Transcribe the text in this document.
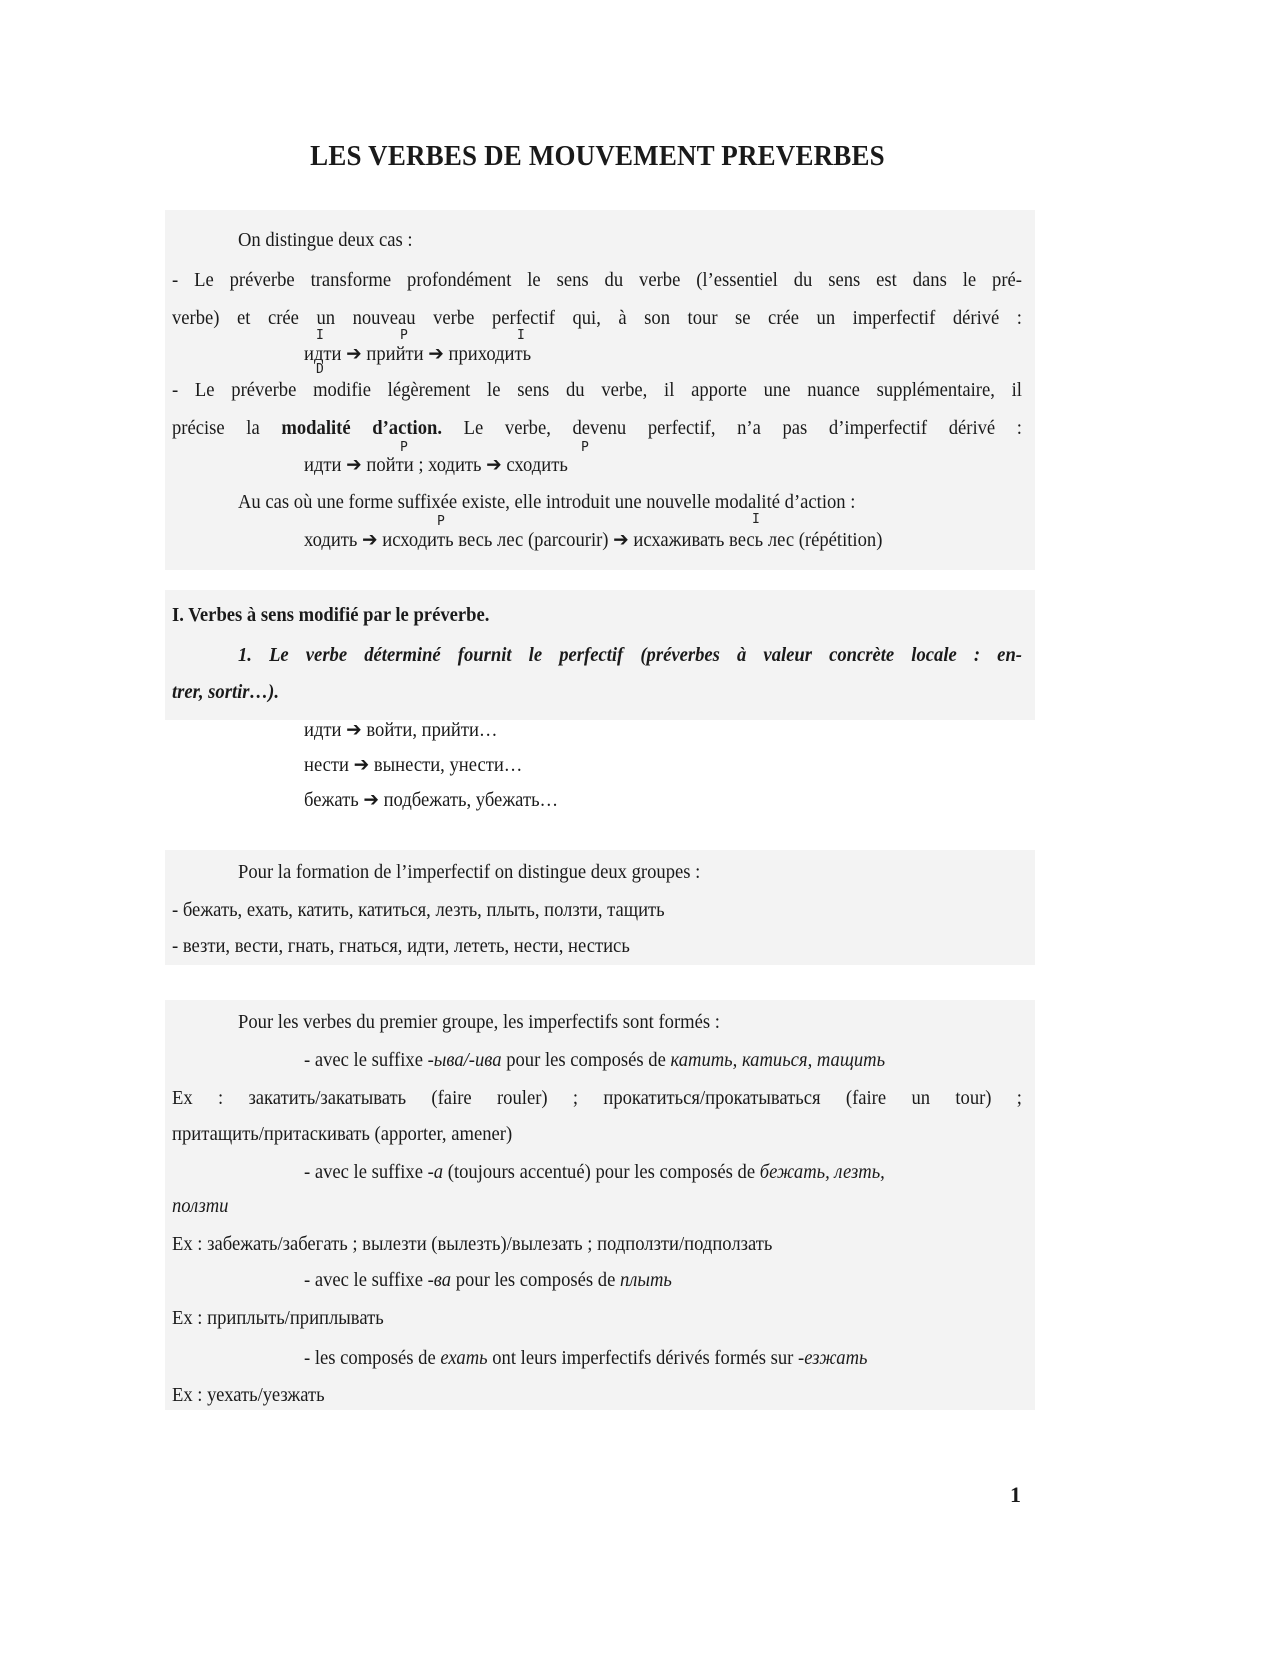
LES VERBES DE MOUVEMENT PREVERBES
On distingue deux cas :
- Le préverbe transforme profondément le sens du verbe (l’essentiel du sens est dans le pré-
verbe) et crée un nouveau verbe perfectif qui, à son tour se crée un imperfectif dérivé :
идти ➔ прийти ➔ приходить
- Le préverbe modifie légèrement le sens du verbe, il apporte une nuance supplémentaire, il
précise la modalité d’action. Le verbe, devenu perfectif, n’a pas d’imperfectif dérivé :
идти ➔ пойти ; ходить ➔ сходить
Au cas où une forme suffixée existe, elle introduit une nouvelle modalité d’action :
ходить ➔ исходить весь лес (parcourir) ➔ исхаживать весь лес (répétition)
I. Verbes à sens modifié par le préverbe.
1. Le verbe déterminé fournit le perfectif (préverbes à valeur concrète locale : en-
trer, sortir…).
идти ➔ войти, прийти…
нести ➔ вынести, унести…
бежать ➔ подбежать, убежать…
Pour la formation de l’imperfectif on distingue deux groupes :
- бежать, ехать, катить, катиться, лезть, плыть, ползти, тащить
- везти, вести, гнать, гнаться, идти, лететь, нести, нестись
Pour les verbes du premier groupe, les imperfectifs sont formés :
- avec le suffixe -ыва/-ива pour les composés de катить, катиься, тащить
Ex : закатить/закатывать (faire rouler) ; прокатиться/прокатываться (faire un tour) ;
притащить/притаскивать (apporter, amener)
- avec le suffixe -а (toujours accentué) pour les composés de бежать, лезть,
ползти
Ex : забежать/забегать ; вылезти (вылезть)/вылезать ; подползти/подползать
- avec le suffixe -ва pour les composés de плыть
Ex : приплыть/приплывать
- les composés de ехать ont leurs imperfectifs dérivés formés sur -езжать
Ex : уехать/уезжать
I	P	I
D
P	P
P	I
1
